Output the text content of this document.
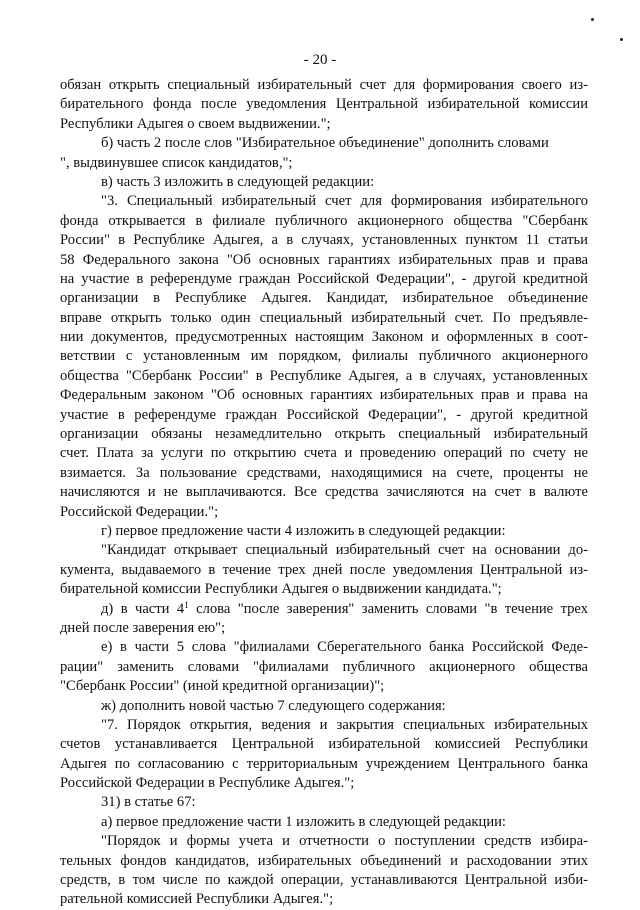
- 20 -
обязан открыть специальный избирательный счет для формирования своего из-
бирательного фонда после уведомления Центральной избирательной комиссии
Республики Адыгея о своем выдвижении.";
б) часть 2 после слов "Избирательное объединение" дополнить словами
", выдвинувшее список кандидатов,";
в) часть 3 изложить в следующей редакции:
"3. Специальный избирательный счет для формирования избирательного
фонда открывается в филиале публичного акционерного общества "Сбербанк
России" в Республике Адыгея, а в случаях, установленных пунктом 11 статьи
58 Федерального закона "Об основных гарантиях избирательных прав и права
на участие в референдуме граждан Российской Федерации", - другой кредитной
организации в Республике Адыгея. Кандидат, избирательное объединение
вправе открыть только один специальный избирательный счет. По предъявле-
нии документов, предусмотренных настоящим Законом и оформленных в соот-
ветствии с установленным им порядком, филиалы публичного акционерного
общества "Сбербанк России" в Республике Адыгея, а в случаях, установленных
Федеральным законом "Об основных гарантиях избирательных прав и права на
участие в референдуме граждан Российской Федерации", - другой кредитной
организации обязаны незамедлительно открыть специальный избирательный
счет. Плата за услуги по открытию счета и проведению операций по счету не
взимается. За пользование средствами, находящимися на счете, проценты не
начисляются и не выплачиваются. Все средства зачисляются на счет в валюте
Российской Федерации.";
г) первое предложение части 4 изложить в следующей редакции:
"Кандидат открывает специальный избирательный счет на основании до-
кумента, выдаваемого в течение трех дней после уведомления Центральной из-
бирательной комиссии Республики Адыгея о выдвижении кандидата.";
д) в части $4^1$ слова "после заверения" заменить словами "в течение трех
дней после заверения ею";
е) в части 5 слова "филиалами Сберегательного банка Российской Феде-
рации" заменить словами "филиалами публичного акционерного общества
"Сбербанк России" (иной кредитной организации)";
ж) дополнить новой частью 7 следующего содержания:
"7. Порядок открытия, ведения и закрытия специальных избирательных
счетов устанавливается Центральной избирательной комиссией Республики
Адыгея по согласованию с территориальным учреждением Центрального банка
Российской Федерации в Республике Адыгея.";
31) в статье 67:
а) первое предложение части 1 изложить в следующей редакции:
"Порядок и формы учета и отчетности о поступлении средств избира-
тельных фондов кандидатов, избирательных объединений и расходовании этих
средств, в том числе по каждой операции, устанавливаются Центральной изби-
рательной комиссией Республики Адыгея.";
